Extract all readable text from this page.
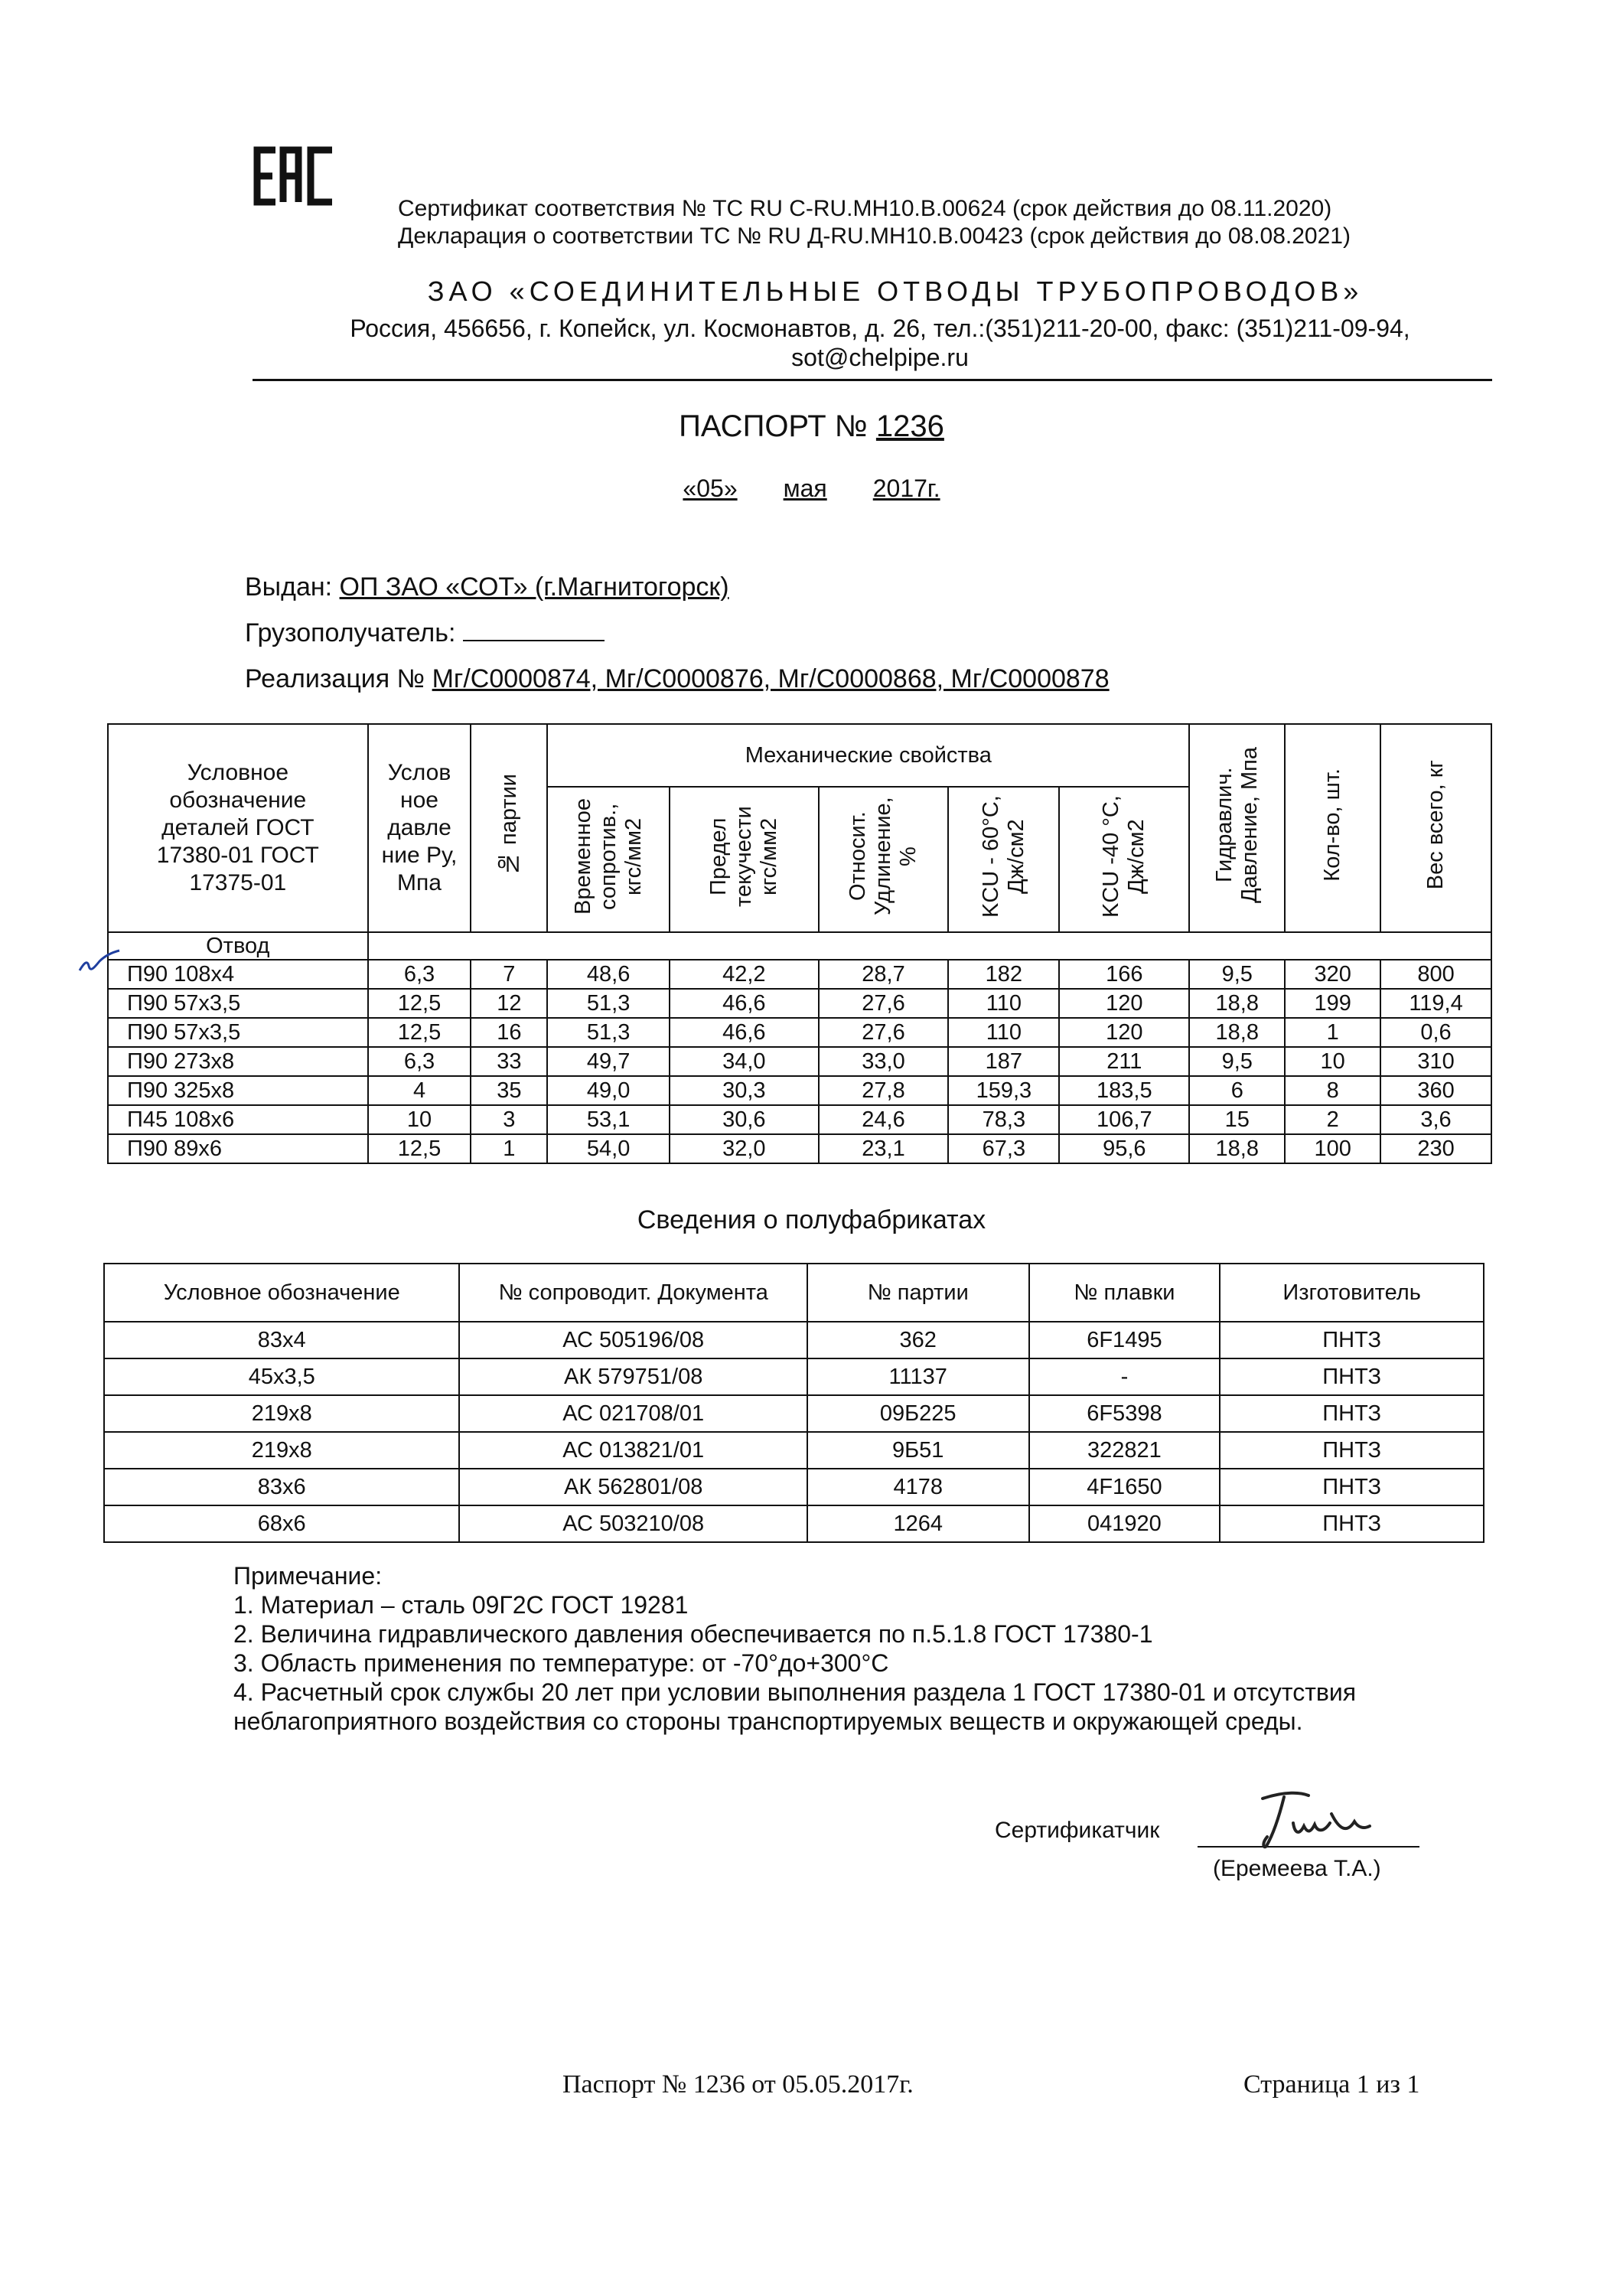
Сертификат соответствия № ТС RU C-RU.МН10.В.00624 (срок действия до 08.11.2020)
Декларация о соответствии ТС № RU Д-RU.МН10.В.00423 (срок действия до 08.08.2021)
ЗАО «СОЕДИНИТЕЛЬНЫЕ ОТВОДЫ ТРУБОПРОВОДОВ»
Россия, 456656, г. Копейск, ул. Космонавтов, д. 26, тел.:(351)211-20-00, факс: (351)211-09-94,
sot@chelpipe.ru
ПАСПОРТ № 1236
«05» мая 2017г.
Выдан: ОП ЗАО «СОТ» (г.Магнитогорск)
Грузополучатель:
Реализация № Мг/С0000874, Мг/С0000876, Мг/С0000868, Мг/С0000878
Условное обозначение деталей ГОСТ 17380-01 ГОСТ 17375-01	Услов ное давле ние Ру, Мпа	№ партии	Механические свойства					Гидравлич. Давление, Мпа	Кол-во, шт.	Вес всего, кг
			Временное сопротив., кгс/мм2	Предел текучести кгс/мм2	Относит. Удлинение, %	KCU - 60°C, Дж/см2	KCU -40 °C, Дж/см2			
Отвод										
П90 108х4	6,3	7	48,6	42,2	28,7	182	166	9,5	320	800
П90 57х3,5	12,5	12	51,3	46,6	27,6	110	120	18,8	199	119,4
П90 57х3,5	12,5	16	51,3	46,6	27,6	110	120	18,8	1	0,6
П90 273х8	6,3	33	49,7	34,0	33,0	187	211	9,5	10	310
П90 325х8	4	35	49,0	30,3	27,8	159,3	183,5	6	8	360
П45 108х6	10	3	53,1	30,6	24,6	78,3	106,7	15	2	3,6
П90 89х6	12,5	1	54,0	32,0	23,1	67,3	95,6	18,8	100	230
Сведения о полуфабрикатах
Условное обозначение	№ сопроводит. Документа	№ партии	№ плавки	Изготовитель
83х4	АС 505196/08	362	6F1495	ПНТЗ
45х3,5	АК 579751/08	11137	-	ПНТЗ
219х8	АС 021708/01	09Б225	6F5398	ПНТЗ
219х8	АС 013821/01	9Б51	322821	ПНТЗ
83х6	АК 562801/08	4178	4F1650	ПНТЗ
68х6	АС 503210/08	1264	041920	ПНТЗ
Примечание:
1. Материал – сталь 09Г2С ГОСТ 19281
2. Величина гидравлического давления обеспечивается по п.5.1.8 ГОСТ 17380-1
3. Область применения по температуре: от -70°до+300°С
4. Расчетный срок службы 20 лет при условии выполнения раздела 1 ГОСТ 17380-01 и отсутствия неблагоприятного воздействия со стороны транспортируемых веществ и окружающей среды.
Сертификатчик
(Еремеева Т.А.)
Паспорт № 1236 от 05.05.2017г.	Страница 1 из 1
